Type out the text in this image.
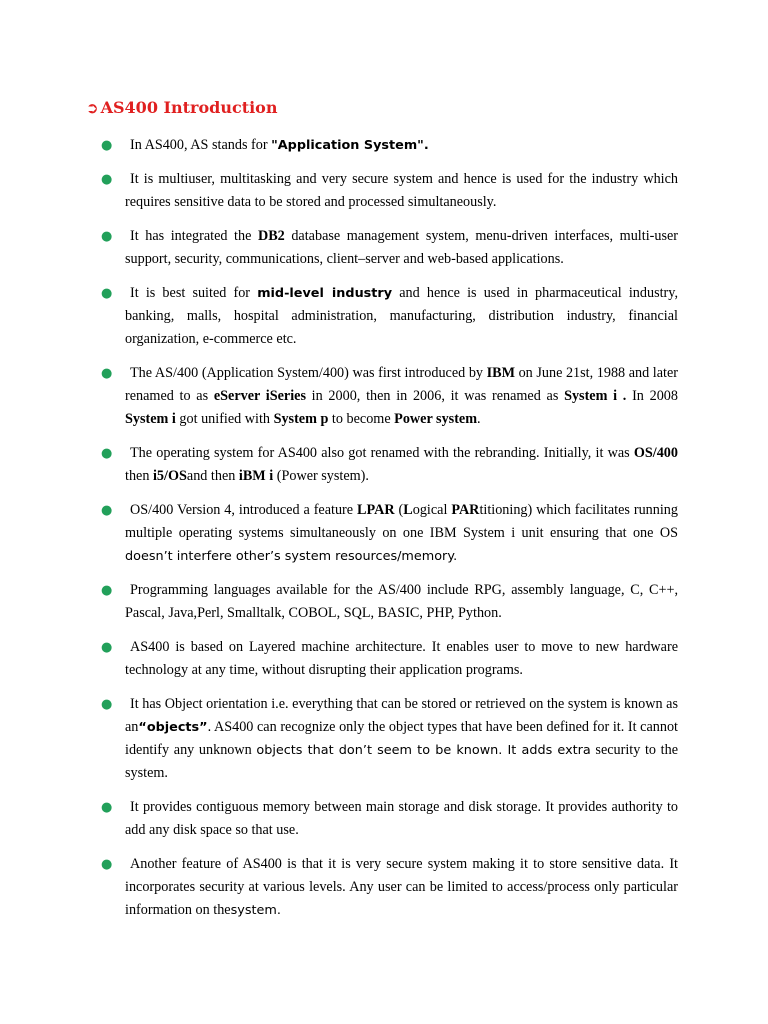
➲ AS400 Introduction
● In AS400, AS stands for "Application System".
● It is multiuser, multitasking and very secure system and hence is used for the industry which requires sensitive data to be stored and processed simultaneously.
● It has integrated the DB2 database management system, menu-driven interfaces, multi-user support, security, communications, client–server and web-based applications.
● It is best suited for mid-level industry and hence is used in pharmaceutical industry, banking, malls, hospital administration, manufacturing, distribution industry, financial organization, e-commerce etc.
● The AS/400 (Application System/400) was first introduced by IBM on June 21st, 1988 and later renamed to as eServer iSeries in 2000, then in 2006, it was renamed as System i . In 2008 System i got unified with System p to become Power system.
● The operating system for AS400 also got renamed with the rebranding. Initially, it was OS/400 then i5/OSand then iBM i (Power system).
● OS/400 Version 4, introduced a feature LPAR (Logical PARtitioning) which facilitates running multiple operating systems simultaneously on one IBM System i unit ensuring that one OS doesn’t interfere other’s system resources/memory.
● Programming languages available for the AS/400 include RPG, assembly language, C, C++, Pascal, Java,Perl, Smalltalk, COBOL, SQL, BASIC, PHP, Python.
● AS400 is based on Layered machine architecture. It enables user to move to new hardware technology at any time, without disrupting their application programs.
● It has Object orientation i.e. everything that can be stored or retrieved on the system is known as an“objects”. AS400 can recognize only the object types that have been defined for it. It cannot identify any unknown objects that don’t seem to be known. It adds extra security to the system.
● It provides contiguous memory between main storage and disk storage. It provides authority to add any disk space so that use.
● Another feature of AS400 is that it is very secure system making it to store sensitive data. It incorporates security at various levels. Any user can be limited to access/process only particular information on thesystem.
